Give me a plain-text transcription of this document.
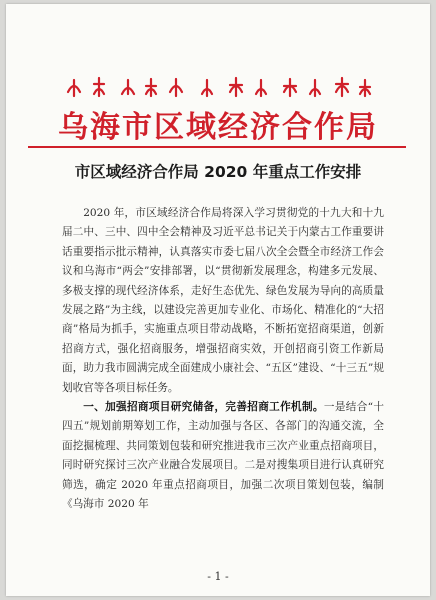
乌海市区域经济合作局
市区域经济合作局 2020 年重点工作安排

2020 年，市区域经济合作局将深入学习贯彻党的十九大和十九届二中、三中、四中全会精神及习近平总书记关于内蒙古工作重要讲话重要指示批示精神，认真落实市委七届八次全会暨全市经济工作会议和乌海市“两会”安排部署，以“贯彻新发展理念，构建多元发展、多极支撑的现代经济体系，走好生态优先、绿色发展为导向的高质量发展之路”为主线，以建设完善更加专业化、市场化、精准化的“大招商”格局为抓手，实施重点项目带动战略，不断拓宽招商渠道，创新招商方式，强化招商服务，增强招商实效，开创招商引资工作新局面，助力我市圆满完成全面建成小康社会、“五区”建设、“十三五”规划收官等各项目标任务。

一、加强招商项目研究储备，完善招商工作机制。一是结合“十四五”规划前期筹划工作，主动加强与各区、各部门的沟通交流，全面挖掘梳理、共同策划包装和研究推进我市三次产业重点招商项目，同时研究探讨三次产业融合发展项目。二是对搜集项目进行认真研究筛选，确定 2020 年重点招商项目，加强二次项目策划包装，编制《乌海市 2020 年

- 1 -
